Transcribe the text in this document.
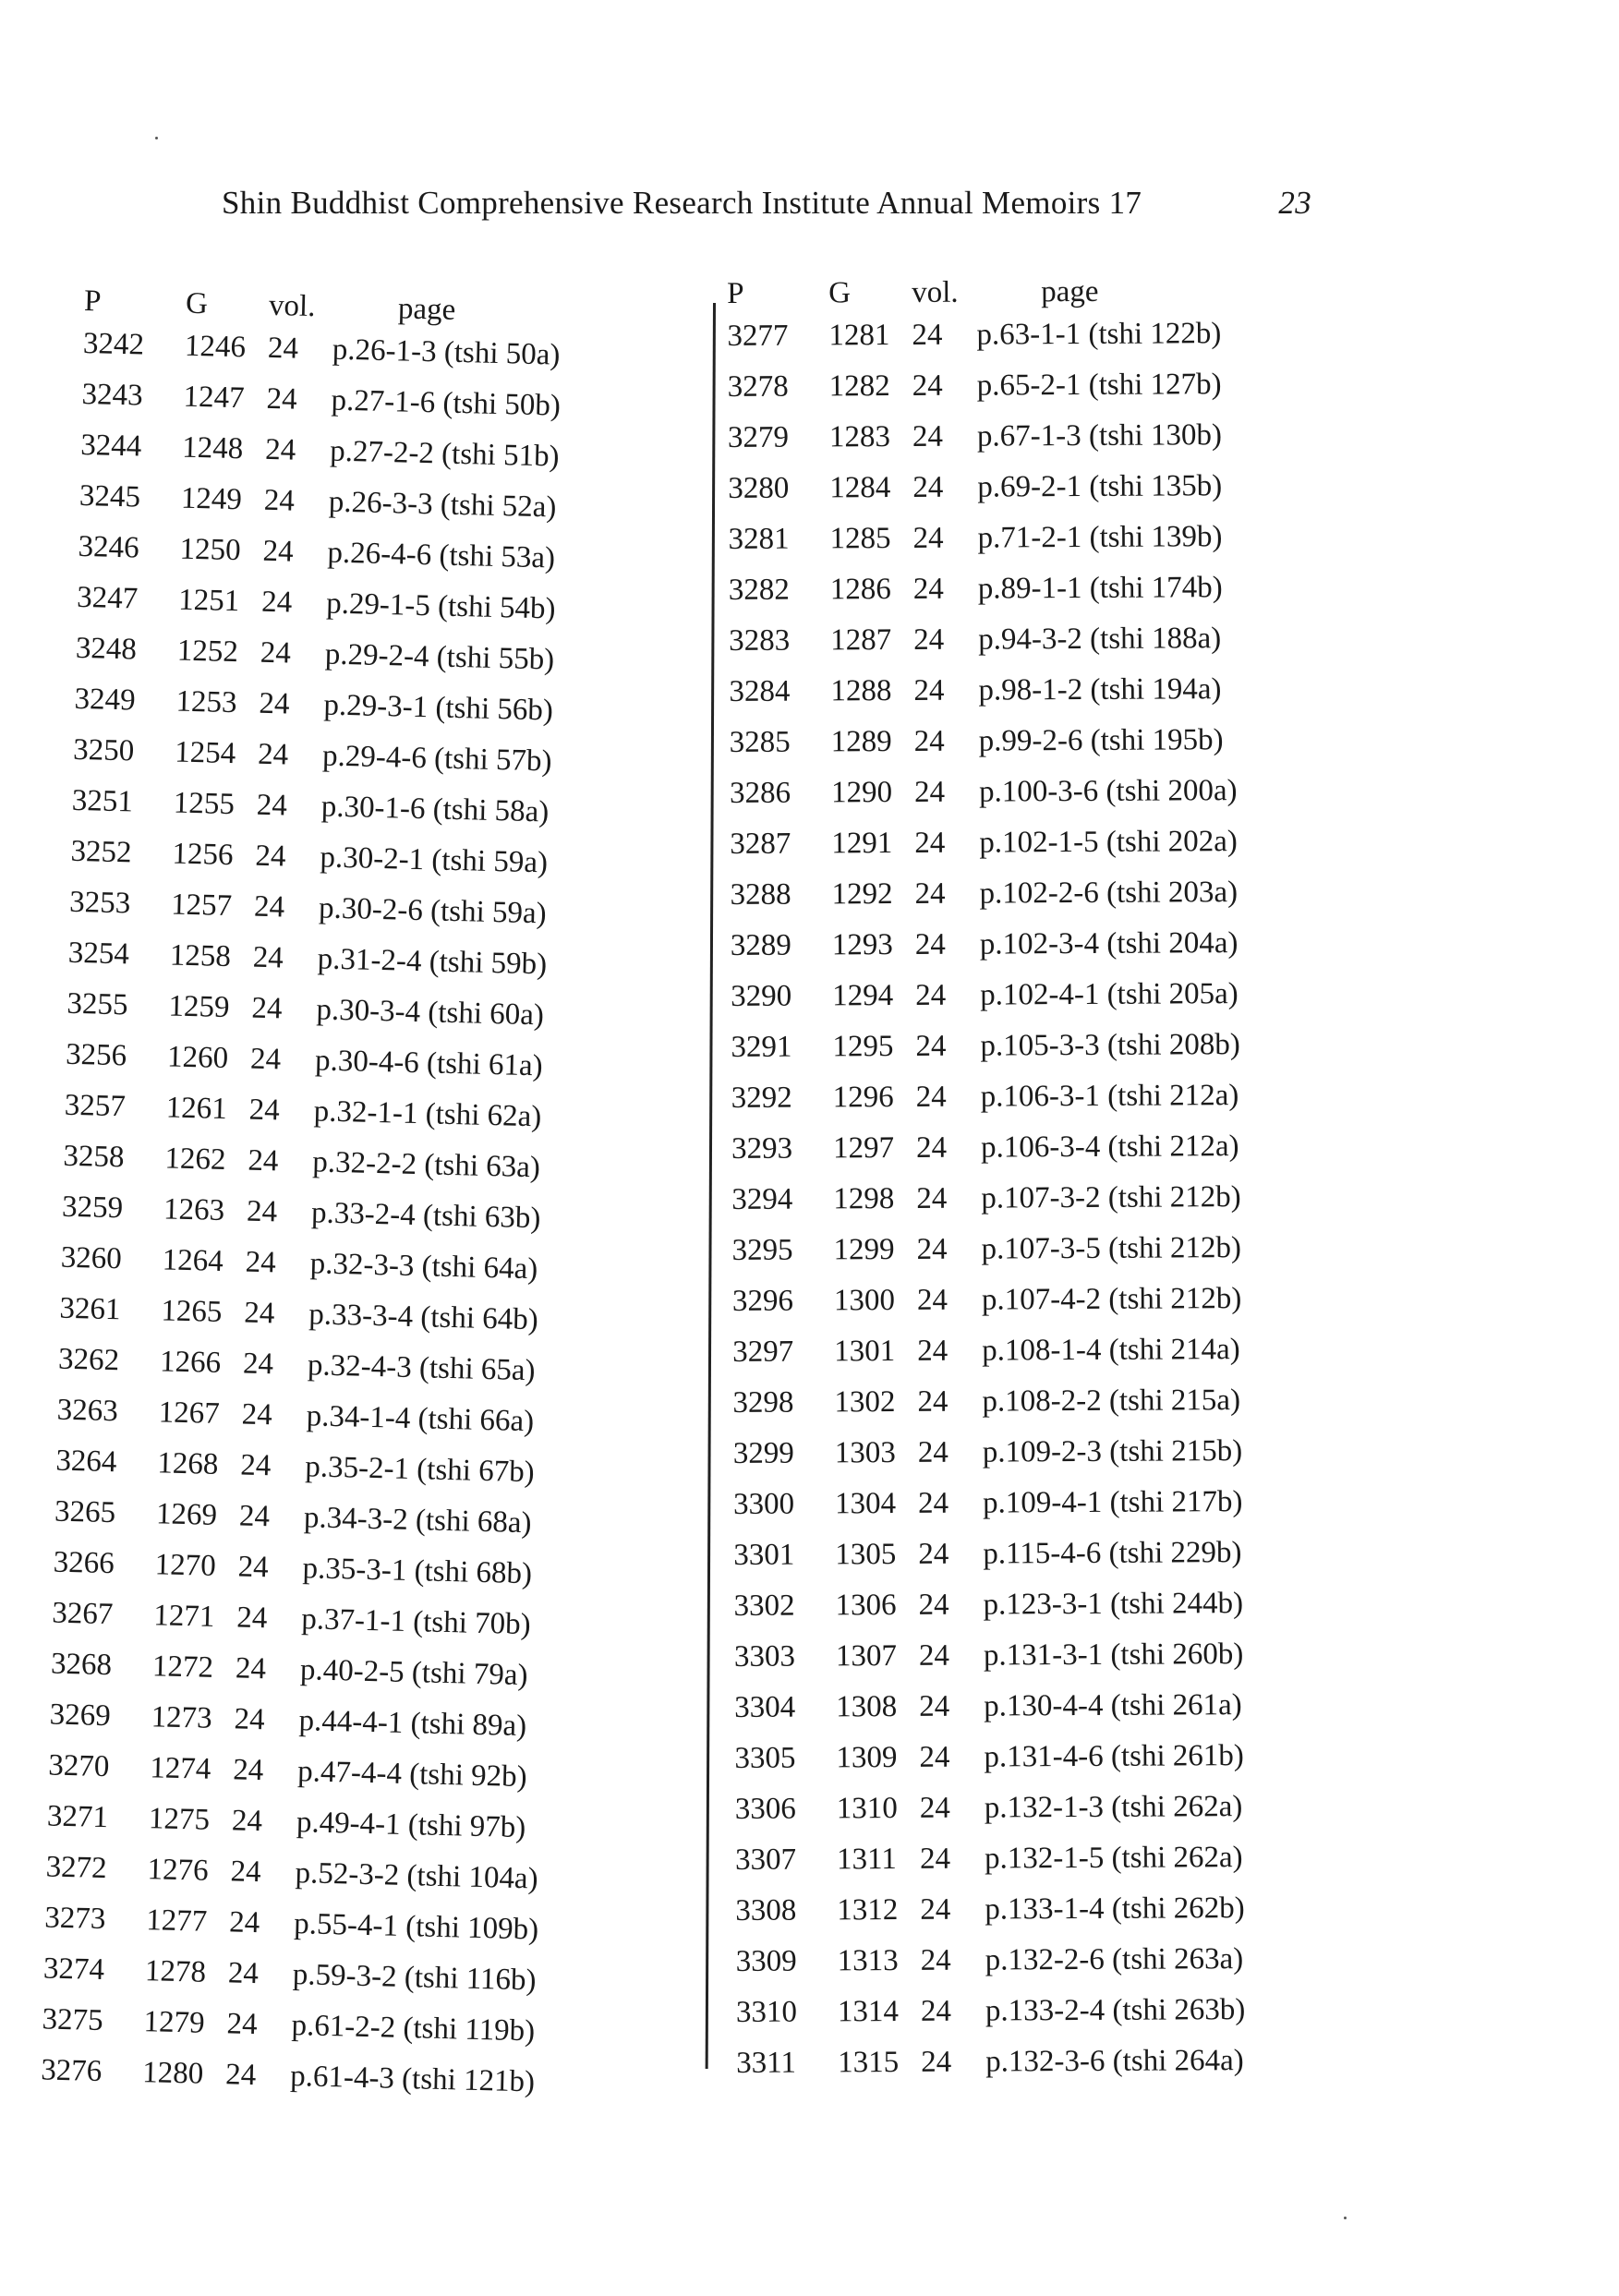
Shin Buddhist Comprehensive Research Institute Annual Memoirs 17	23
P	G	vol.	page
3242	1246 24	p.26-1-3 (tshi 50a)
3243	1247 24	p.27-1-6 (tshi 50b)
3244	1248 24	p.27-2-2 (tshi 51b)
3245	1249 24	p.26-3-3 (tshi 52a)
3246	1250 24	p.26-4-6 (tshi 53a)
3247	1251 24	p.29-1-5 (tshi 54b)
3248	1252 24	p.29-2-4 (tshi 55b)
3249	1253 24	p.29-3-1 (tshi 56b)
3250	1254 24	p.29-4-6 (tshi 57b)
3251	1255 24	p.30-1-6 (tshi 58a)
3252	1256 24	p.30-2-1 (tshi 59a)
3253	1257 24	p.30-2-6 (tshi 59a)
3254	1258 24	p.31-2-4 (tshi 59b)
3255	1259 24	p.30-3-4 (tshi 60a)
3256	1260 24	p.30-4-6 (tshi 61a)
3257	1261 24	p.32-1-1 (tshi 62a)
3258	1262 24	p.32-2-2 (tshi 63a)
3259	1263 24	p.33-2-4 (tshi 63b)
3260	1264 24	p.32-3-3 (tshi 64a)
3261	1265 24	p.33-3-4 (tshi 64b)
3262	1266 24	p.32-4-3 (tshi 65a)
3263	1267 24	p.34-1-4 (tshi 66a)
3264	1268 24	p.35-2-1 (tshi 67b)
3265	1269 24	p.34-3-2 (tshi 68a)
3266	1270 24	p.35-3-1 (tshi 68b)
3267	1271 24	p.37-1-1 (tshi 70b)
3268	1272 24	p.40-2-5 (tshi 79a)
3269	1273 24	p.44-4-1 (tshi 89a)
3270	1274 24	p.47-4-4 (tshi 92b)
3271	1275 24	p.49-4-1 (tshi 97b)
3272	1276 24	p.52-3-2 (tshi 104a)
3273	1277 24	p.55-4-1 (tshi 109b)
3274	1278 24	p.59-3-2 (tshi 116b)
3275	1279 24	p.61-2-2 (tshi 119b)
3276	1280 24	p.61-4-3 (tshi 121b)
P	G	vol.	page
3277	1281 24	p.63-1-1 (tshi 122b)
3278	1282 24	p.65-2-1 (tshi 127b)
3279	1283 24	p.67-1-3 (tshi 130b)
3280	1284 24	p.69-2-1 (tshi 135b)
3281	1285 24	p.71-2-1 (tshi 139b)
3282	1286 24	p.89-1-1 (tshi 174b)
3283	1287 24	p.94-3-2 (tshi 188a)
3284	1288 24	p.98-1-2 (tshi 194a)
3285	1289 24	p.99-2-6 (tshi 195b)
3286	1290 24	p.100-3-6 (tshi 200a)
3287	1291 24	p.102-1-5 (tshi 202a)
3288	1292 24	p.102-2-6 (tshi 203a)
3289	1293 24	p.102-3-4 (tshi 204a)
3290	1294 24	p.102-4-1 (tshi 205a)
3291	1295 24	p.105-3-3 (tshi 208b)
3292	1296 24	p.106-3-1 (tshi 212a)
3293	1297 24	p.106-3-4 (tshi 212a)
3294	1298 24	p.107-3-2 (tshi 212b)
3295	1299 24	p.107-3-5 (tshi 212b)
3296	1300 24	p.107-4-2 (tshi 212b)
3297	1301 24	p.108-1-4 (tshi 214a)
3298	1302 24	p.108-2-2 (tshi 215a)
3299	1303 24	p.109-2-3 (tshi 215b)
3300	1304 24	p.109-4-1 (tshi 217b)
3301	1305 24	p.115-4-6 (tshi 229b)
3302	1306 24	p.123-3-1 (tshi 244b)
3303	1307 24	p.131-3-1 (tshi 260b)
3304	1308 24	p.130-4-4 (tshi 261a)
3305	1309 24	p.131-4-6 (tshi 261b)
3306	1310 24	p.132-1-3 (tshi 262a)
3307	1311 24	p.132-1-5 (tshi 262a)
3308	1312 24	p.133-1-4 (tshi 262b)
3309	1313 24	p.132-2-6 (tshi 263a)
3310	1314 24	p.133-2-4 (tshi 263b)
3311	1315 24	p.132-3-6 (tshi 264a)
